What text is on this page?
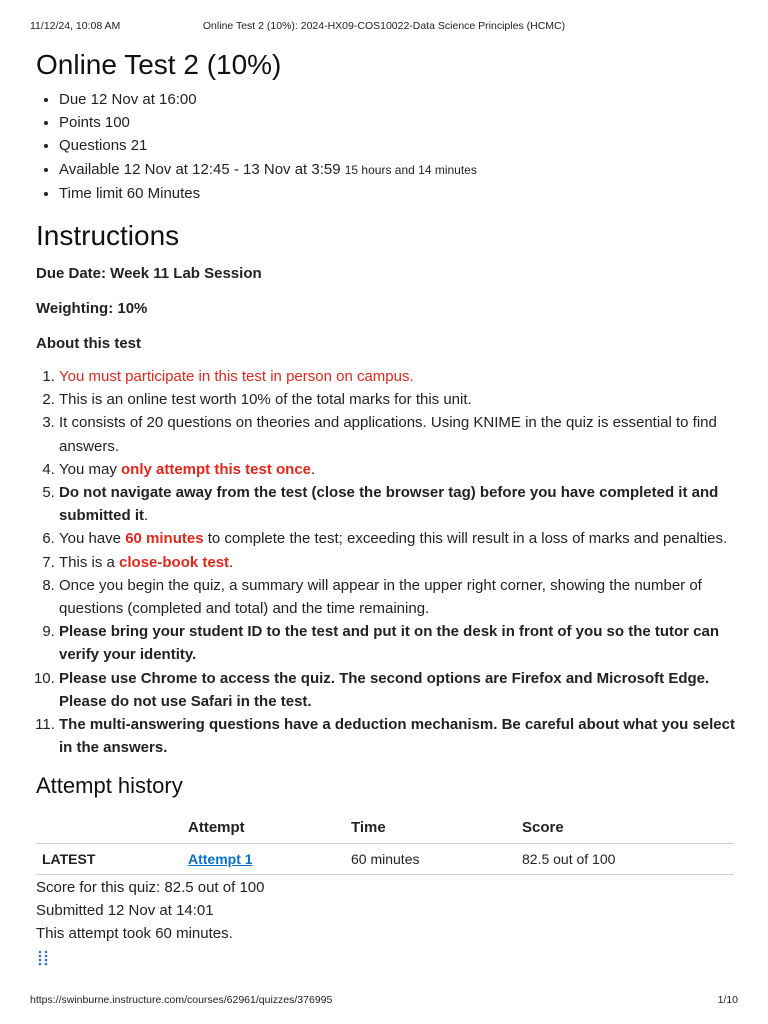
11/12/24, 10:08 AM	Online Test 2 (10%): 2024-HX09-COS10022-Data Science Principles (HCMC)
Online Test 2 (10%)
• Due 12 Nov at 16:00
• Points 100
• Questions 21
• Available 12 Nov at 12:45 - 13 Nov at 3:59 15 hours and 14 minutes
• Time limit 60 Minutes
Instructions

Due Date: Week 11 Lab Session

Weighting: 10%

About this test

1. You must participate in this test in person on campus.
2. This is an online test worth 10% of the total marks for this unit.
3. It consists of 20 questions on theories and applications. Using KNIME in the quiz is essential to find answers.
4. You may only attempt this test once.
5. Do not navigate away from the test (close the browser tag) before you have completed it and submitted it.
6. You have 60 minutes to complete the test; exceeding this will result in a loss of marks and penalties.
7. This is a close-book test.
8. Once you begin the quiz, a summary will appear in the upper right corner, showing the number of questions (completed and total) and the time remaining.
9. Please bring your student ID to the test and put it on the desk in front of you so the tutor can verify your identity.
10. Please use Chrome to access the quiz. The second options are Firefox and Microsoft Edge. Please do not use Safari in the test.
11. The multi-answering questions have a deduction mechanism. Be careful about what you select in the answers.
Attempt history
	Attempt	Time	Score
LATEST	Attempt 1	60 minutes	82.5 out of 100
Score for this quiz: 82.5 out of 100
Submitted 12 Nov at 14:01
This attempt took 60 minutes.
https://swinburne.instructure.com/courses/62961/quizzes/376995	1/10
